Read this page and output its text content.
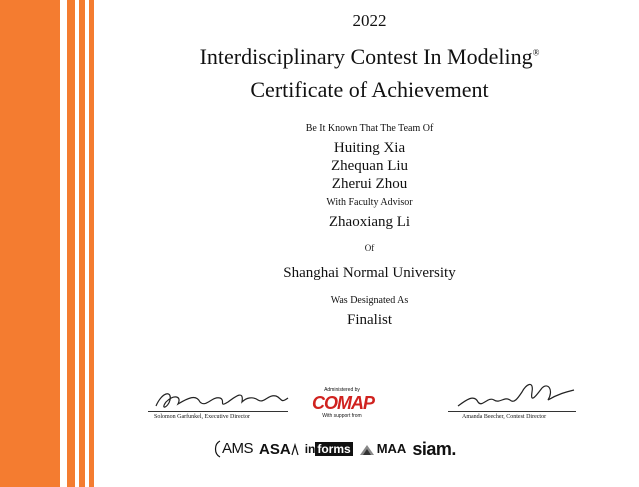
2022
Interdisciplinary Contest In Modeling®
Certificate of Achievement
Be It Known That The Team Of
Huiting Xia
Zhequan Liu
Zherui Zhou
With Faculty Advisor
Zhaoxiang Li
Of
Shanghai Normal University
Was Designated As
Finalist
Solomon Garfunkel, Executive Director
Administered by
COMAP
With support from	Amanda Beecher, Contest Director
AMS ASA	in forms	MAA siam.
